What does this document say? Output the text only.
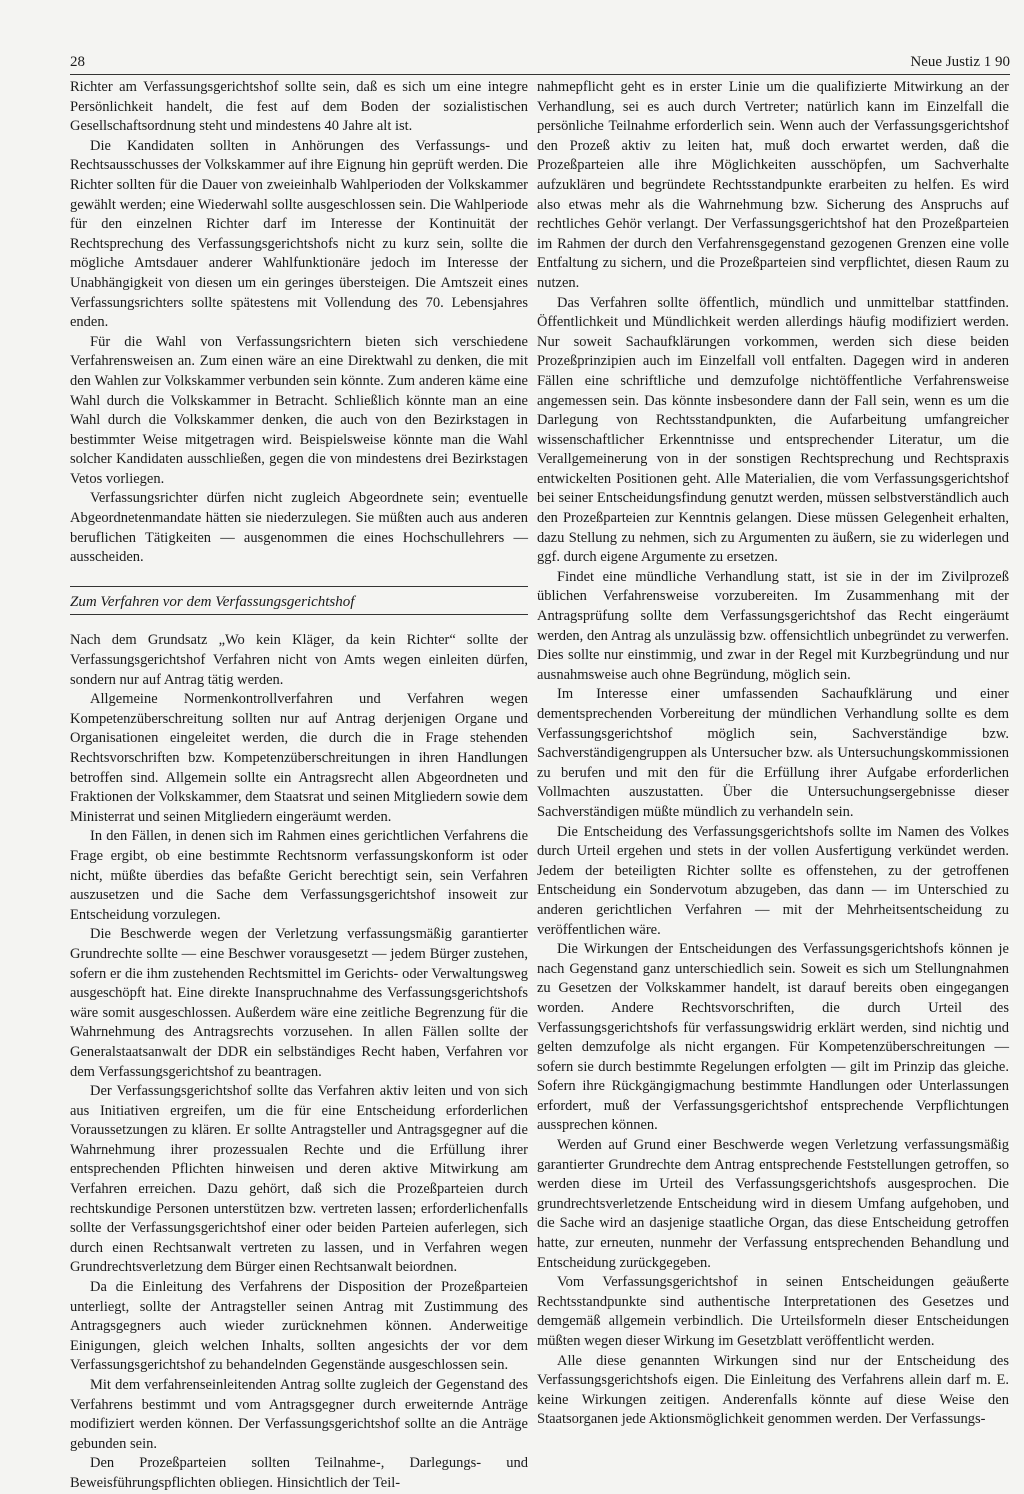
28	Neue Justiz 1 90

Richter am Verfassungsgerichtshof sollte sein, daß es sich um eine integre Persönlichkeit handelt, die fest auf dem Boden der sozialistischen Gesellschaftsordnung steht und mindestens 40 Jahre alt ist.

Die Kandidaten sollten in Anhörungen des Verfassungs- und Rechtsausschusses der Volkskammer auf ihre Eignung hin geprüft werden. Die Richter sollten für die Dauer von zweieinhalb Wahlperioden der Volkskammer gewählt werden; eine Wiederwahl sollte ausgeschlossen sein. Die Wahlperiode für den einzelnen Richter darf im Interesse der Kontinuität der Rechtsprechung des Verfassungsgerichtshofs nicht zu kurz sein, sollte die mögliche Amtsdauer anderer Wahlfunktionäre jedoch im Interesse der Unabhängigkeit von diesen um ein geringes übersteigen. Die Amtszeit eines Verfassungsrichters sollte spätestens mit Vollendung des 70. Lebensjahres enden.

Für die Wahl von Verfassungsrichtern bieten sich verschiedene Verfahrensweisen an. Zum einen wäre an eine Direktwahl zu denken, die mit den Wahlen zur Volkskammer verbunden sein könnte. Zum anderen käme eine Wahl durch die Volkskammer in Betracht. Schließlich könnte man an eine Wahl durch die Volkskammer denken, die auch von den Bezirkstagen in bestimmter Weise mitgetragen wird. Beispielsweise könnte man die Wahl solcher Kandidaten ausschließen, gegen die von mindestens drei Bezirkstagen Vetos vorliegen.

Verfassungsrichter dürfen nicht zugleich Abgeordnete sein; eventuelle Abgeordnetenmandate hätten sie niederzulegen. Sie müßten auch aus anderen beruflichen Tätigkeiten — ausgenommen die eines Hochschullehrers — ausscheiden.

Zum Verfahren vor dem Verfassungsgerichtshof

Nach dem Grundsatz „Wo kein Kläger, da kein Richter“ sollte der Verfassungsgerichtshof Verfahren nicht von Amts wegen einleiten dürfen, sondern nur auf Antrag tätig werden.

Allgemeine Normenkontrollverfahren und Verfahren wegen Kompetenzüberschreitung sollten nur auf Antrag derjenigen Organe und Organisationen eingeleitet werden, die durch die in Frage stehenden Rechtsvorschriften bzw. Kompetenzüberschreitungen in ihren Handlungen betroffen sind. Allgemein sollte ein Antragsrecht allen Abgeordneten und Fraktionen der Volkskammer, dem Staatsrat und seinen Mitgliedern sowie dem Ministerrat und seinen Mitgliedern eingeräumt werden.

In den Fällen, in denen sich im Rahmen eines gerichtlichen Verfahrens die Frage ergibt, ob eine bestimmte Rechtsnorm verfassungskonform ist oder nicht, müßte überdies das befaßte Gericht berechtigt sein, sein Verfahren auszusetzen und die Sache dem Verfassungsgerichtshof insoweit zur Entscheidung vorzulegen.

Die Beschwerde wegen der Verletzung verfassungsmäßig garantierter Grundrechte sollte — eine Beschwer vorausgesetzt — jedem Bürger zustehen, sofern er die ihm zustehenden Rechtsmittel im Gerichts- oder Verwaltungsweg ausgeschöpft hat. Eine direkte Inanspruchnahme des Verfassungsgerichtshofs wäre somit ausgeschlossen. Außerdem wäre eine zeitliche Begrenzung für die Wahrnehmung des Antragsrechts vorzusehen. In allen Fällen sollte der Generalstaatsanwalt der DDR ein selbständiges Recht haben, Verfahren vor dem Verfassungsgerichtshof zu beantragen.

Der Verfassungsgerichtshof sollte das Verfahren aktiv leiten und von sich aus Initiativen ergreifen, um die für eine Entscheidung erforderlichen Voraussetzungen zu klären. Er sollte Antragsteller und Antragsgegner auf die Wahrnehmung ihrer prozessualen Rechte und die Erfüllung ihrer entsprechenden Pflichten hinweisen und deren aktive Mitwirkung am Verfahren erreichen. Dazu gehört, daß sich die Prozeßparteien durch rechtskundige Personen unterstützen bzw. vertreten lassen; erforderlichenfalls sollte der Verfassungsgerichtshof einer oder beiden Parteien auferlegen, sich durch einen Rechtsanwalt vertreten zu lassen, und in Verfahren wegen Grundrechtsverletzung dem Bürger einen Rechtsanwalt beiordnen.

Da die Einleitung des Verfahrens der Disposition der Prozeßparteien unterliegt, sollte der Antragsteller seinen Antrag mit Zustimmung des Antragsgegners auch wieder zurücknehmen können. Anderweitige Einigungen, gleich welchen Inhalts, sollten angesichts der vor dem Verfassungsgerichtshof zu behandelnden Gegenstände ausgeschlossen sein.

Mit dem verfahrenseinleitenden Antrag sollte zugleich der Gegenstand des Verfahrens bestimmt und vom Antragsgegner durch erweiternde Anträge modifiziert werden können. Der Verfassungsgerichtshof sollte an die Anträge gebunden sein.

Den Prozeßparteien sollten Teilnahme-, Darlegungs- und Beweisführungspflichten obliegen. Hinsichtlich der Teil-

nahmepflicht geht es in erster Linie um die qualifizierte Mitwirkung an der Verhandlung, sei es auch durch Vertreter; natürlich kann im Einzelfall die persönliche Teilnahme erforderlich sein. Wenn auch der Verfassungsgerichtshof den Prozeß aktiv zu leiten hat, muß doch erwartet werden, daß die Prozeßparteien alle ihre Möglichkeiten ausschöpfen, um Sachverhalte aufzuklären und begründete Rechtsstandpunkte erarbeiten zu helfen. Es wird also etwas mehr als die Wahrnehmung bzw. Sicherung des Anspruchs auf rechtliches Gehör verlangt. Der Verfassungsgerichtshof hat den Prozeßparteien im Rahmen der durch den Verfahrensgegenstand gezogenen Grenzen eine volle Entfaltung zu sichern, und die Prozeßparteien sind verpflichtet, diesen Raum zu nutzen.

Das Verfahren sollte öffentlich, mündlich und unmittelbar stattfinden. Öffentlichkeit und Mündlichkeit werden allerdings häufig modifiziert werden. Nur soweit Sachaufklärungen vorkommen, werden sich diese beiden Prozeßprinzipien auch im Einzelfall voll entfalten. Dagegen wird in anderen Fällen eine schriftliche und demzufolge nichtöffentliche Verfahrensweise angemessen sein. Das könnte insbesondere dann der Fall sein, wenn es um die Darlegung von Rechtsstandpunkten, die Aufarbeitung umfangreicher wissenschaftlicher Erkenntnisse und entsprechender Literatur, um die Verallgemeinerung von in der sonstigen Rechtsprechung und Rechtspraxis entwickelten Positionen geht. Alle Materialien, die vom Verfassungsgerichtshof bei seiner Entscheidungsfindung genutzt werden, müssen selbstverständlich auch den Prozeßparteien zur Kenntnis gelangen. Diese müssen Gelegenheit erhalten, dazu Stellung zu nehmen, sich zu Argumenten zu äußern, sie zu widerlegen und ggf. durch eigene Argumente zu ersetzen.

Findet eine mündliche Verhandlung statt, ist sie in der im Zivilprozeß üblichen Verfahrensweise vorzubereiten. Im Zusammenhang mit der Antragsprüfung sollte dem Verfassungsgerichtshof das Recht eingeräumt werden, den Antrag als unzulässig bzw. offensichtlich unbegründet zu verwerfen. Dies sollte nur einstimmig, und zwar in der Regel mit Kurzbegründung und nur ausnahmsweise auch ohne Begründung, möglich sein.

Im Interesse einer umfassenden Sachaufklärung und einer dementsprechenden Vorbereitung der mündlichen Verhandlung sollte es dem Verfassungsgerichtshof möglich sein, Sachverständige bzw. Sachverständigengruppen als Untersucher bzw. als Untersuchungskommissionen zu berufen und mit den für die Erfüllung ihrer Aufgabe erforderlichen Vollmachten auszustatten. Über die Untersuchungsergebnisse dieser Sachverständigen müßte mündlich zu verhandeln sein.

Die Entscheidung des Verfassungsgerichtshofs sollte im Namen des Volkes durch Urteil ergehen und stets in der vollen Ausfertigung verkündet werden. Jedem der beteiligten Richter sollte es offenstehen, zu der getroffenen Entscheidung ein Sondervotum abzugeben, das dann — im Unterschied zu anderen gerichtlichen Verfahren — mit der Mehrheitsentscheidung zu veröffentlichen wäre.

Die Wirkungen der Entscheidungen des Verfassungsgerichtshofs können je nach Gegenstand ganz unterschiedlich sein. Soweit es sich um Stellungnahmen zu Gesetzen der Volkskammer handelt, ist darauf bereits oben eingegangen worden. Andere Rechtsvorschriften, die durch Urteil des Verfassungsgerichtshofs für verfassungswidrig erklärt werden, sind nichtig und gelten demzufolge als nicht ergangen. Für Kompetenzüberschreitungen — sofern sie durch bestimmte Regelungen erfolgten — gilt im Prinzip das gleiche. Sofern ihre Rückgängigmachung bestimmte Handlungen oder Unterlassungen erfordert, muß der Verfassungsgerichtshof entsprechende Verpflichtungen aussprechen können.

Werden auf Grund einer Beschwerde wegen Verletzung verfassungsmäßig garantierter Grundrechte dem Antrag entsprechende Feststellungen getroffen, so werden diese im Urteil des Verfassungsgerichtshofs ausgesprochen. Die grundrechtsverletzende Entscheidung wird in diesem Umfang aufgehoben, und die Sache wird an dasjenige staatliche Organ, das diese Entscheidung getroffen hatte, zur erneuten, nunmehr der Verfassung entsprechenden Behandlung und Entscheidung zurückgegeben.

Vom Verfassungsgerichtshof in seinen Entscheidungen geäußerte Rechtsstandpunkte sind authentische Interpretationen des Gesetzes und demgemäß allgemein verbindlich. Die Urteilsformeln dieser Entscheidungen müßten wegen dieser Wirkung im Gesetzblatt veröffentlicht werden.

Alle diese genannten Wirkungen sind nur der Entscheidung des Verfassungsgerichtshofs eigen. Die Einleitung des Verfahrens allein darf m. E. keine Wirkungen zeitigen. Anderenfalls könnte auf diese Weise den Staatsorganen jede Aktionsmöglichkeit genommen werden. Der Verfassungs-
